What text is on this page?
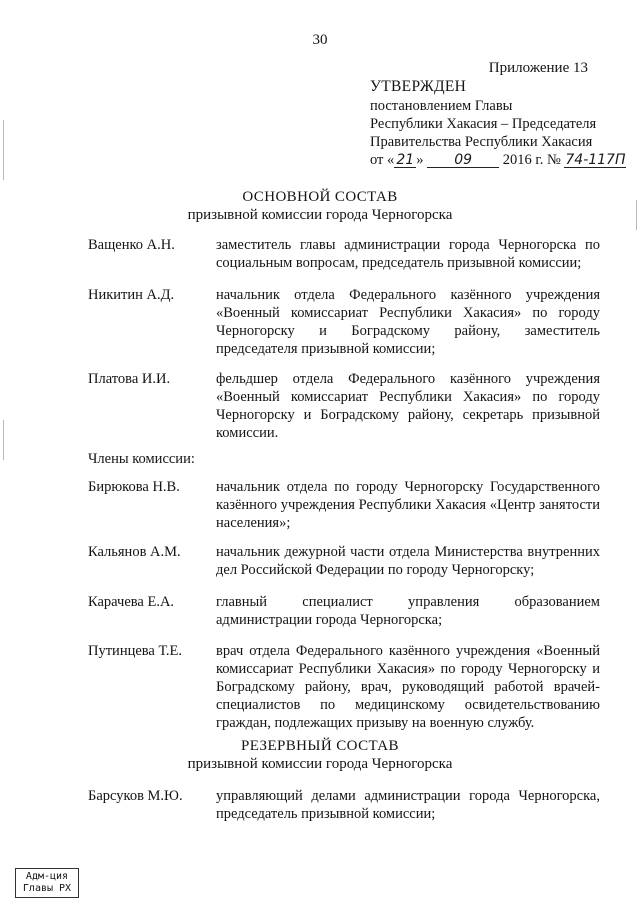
30
Приложение 13
УТВЕРЖДЕН
постановлением Главы
Республики Хакасия – Председателя
Правительства Республики Хакасия
от « 21 » 09 2016 г. № 74-117П
ОСНОВНОЙ СОСТАВ
призывной комиссии города Черногорска
Ващенко А.Н.	заместитель главы администрации города Черногорска по социальным вопросам, председатель призывной комиссии;
Никитин А.Д.	начальник отдела Федерального казённого учреждения «Военный комиссариат Республики Хакасия» по городу Черногорску и Боградскому району, заместитель председателя призывной комиссии;
Платова И.И.	фельдшер отдела Федерального казённого учреждения «Военный комиссариат Республики Хакасия» по городу Черногорску и Боградскому району, секретарь призывной комиссии.
Члены комиссии:
Бирюкова Н.В.	начальник отдела по городу Черногорску Государственного казённого учреждения Республики Хакасия «Центр занятости населения»;
Кальянов А.М.	начальник дежурной части отдела Министерства внутренних дел Российской Федерации по городу Черногорску;
Карачева Е.А.	главный специалист управления образованием администрации города Черногорска;
Путинцева Т.Е.	врач отдела Федерального казённого учреждения «Военный комиссариат Республики Хакасия» по городу Черногорску и Боградскому району, врач, руководящий работой врачей-специалистов по медицинскому освидетельствованию граждан, подлежащих призыву на военную службу.
РЕЗЕРВНЫЙ СОСТАВ
призывной комиссии города Черногорска
Барсуков М.Ю.	управляющий делами администрации города Черногорска, председатель призывной комиссии;
Адм-ция
Главы РХ
